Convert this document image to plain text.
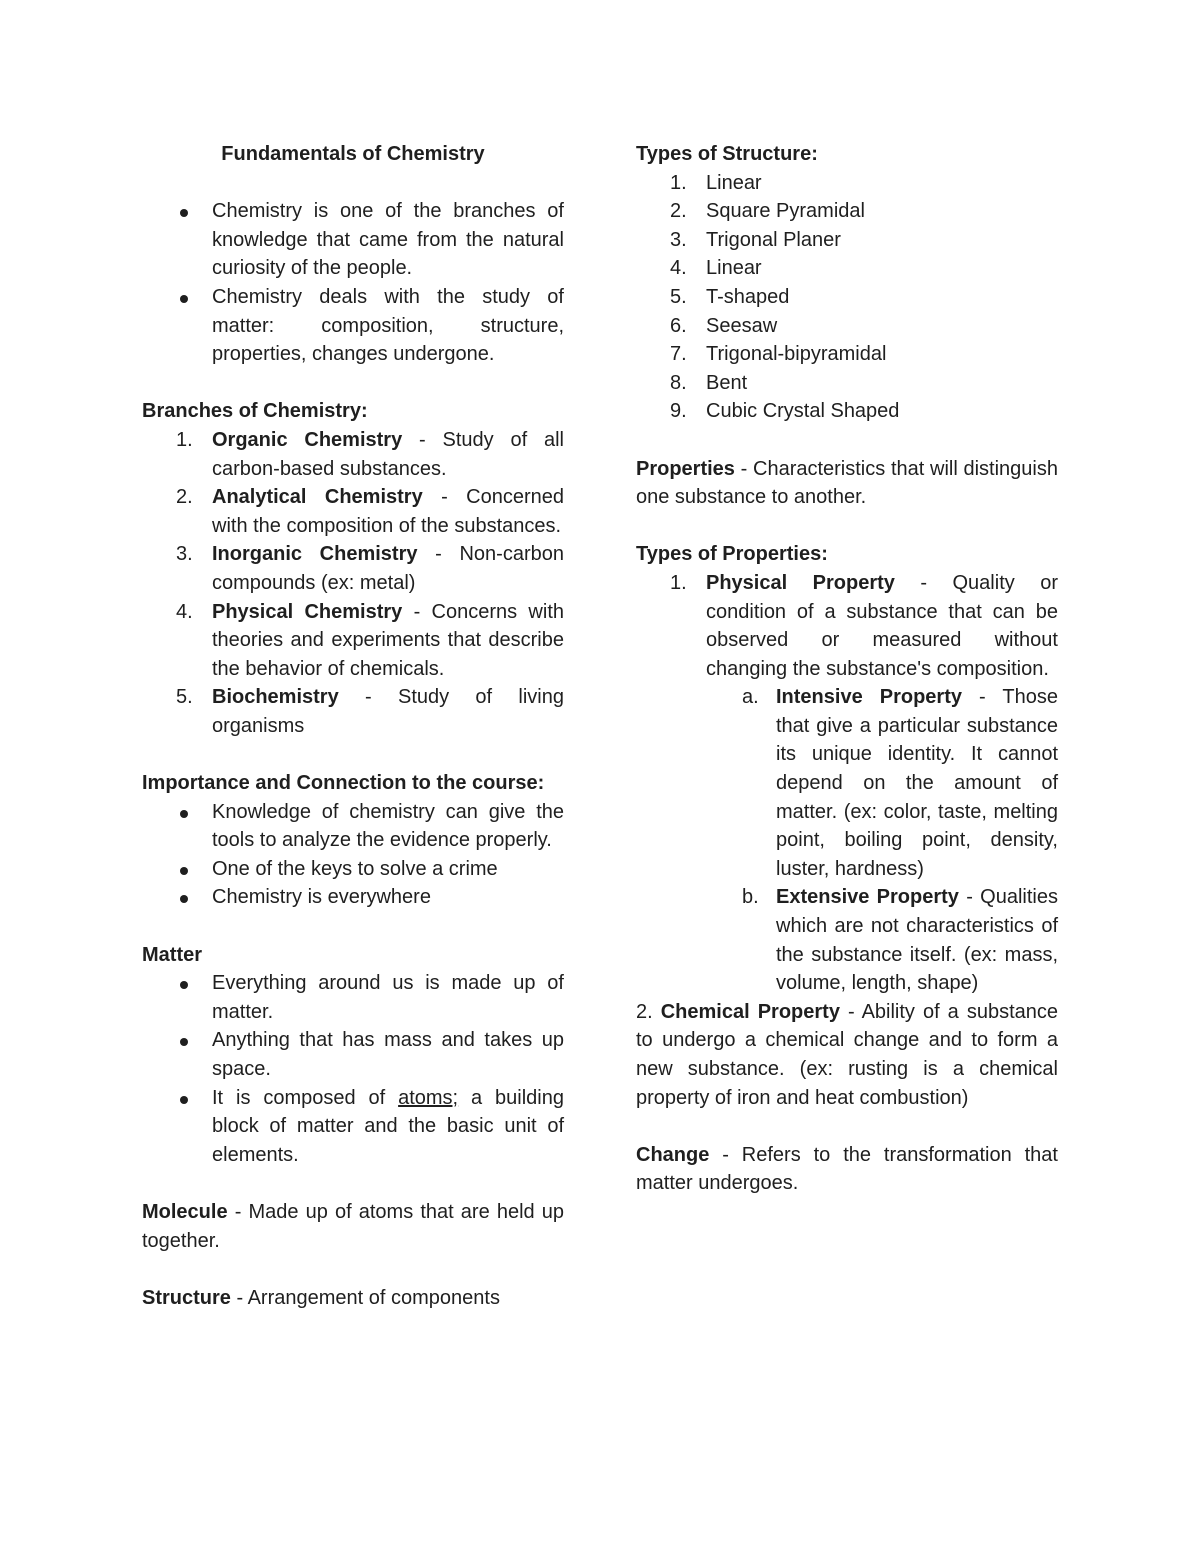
Fundamentals of Chemistry

Chemistry is one of the branches of knowledge that came from the natural curiosity of the people.
Chemistry deals with the study of matter: composition, structure, properties, changes undergone.

Branches of Chemistry:

1. Organic Chemistry - Study of all carbon-based substances.
2. Analytical Chemistry - Concerned with the composition of the substances.
3. Inorganic Chemistry - Non-carbon compounds (ex: metal)
4. Physical Chemistry - Concerns with theories and experiments that describe the behavior of chemicals.
5. Biochemistry - Study of living organisms

Importance and Connection to the course:

Knowledge of chemistry can give the tools to analyze the evidence properly.
One of the keys to solve a crime
Chemistry is everywhere

Matter

Everything around us is made up of matter.
Anything that has mass and takes up space.
It is composed of atoms; a building block of matter and the basic unit of elements.

Molecule - Made up of atoms that are held up together.

Structure - Arrangement of components

Types of Structure:

1. Linear
2. Square Pyramidal
3. Trigonal Planer
4. Linear
5. T-shaped
6. Seesaw
7. Trigonal-bipyramidal
8. Bent
9. Cubic Crystal Shaped

Properties - Characteristics that will distinguish one substance to another.

Types of Properties:

1. Physical Property - Quality or condition of a substance that can be observed or measured without changing the substance's composition.
a. Intensive Property - Those that give a particular substance its unique identity. It cannot depend on the amount of matter. (ex: color, taste, melting point, boiling point, density, luster, hardness)
b. Extensive Property - Qualities which are not characteristics of the substance itself. (ex: mass, volume, length, shape)

2. Chemical Property - Ability of a substance to undergo a chemical change and to form a new substance. (ex: rusting is a chemical property of iron and heat combustion)

Change - Refers to the transformation that matter undergoes.
